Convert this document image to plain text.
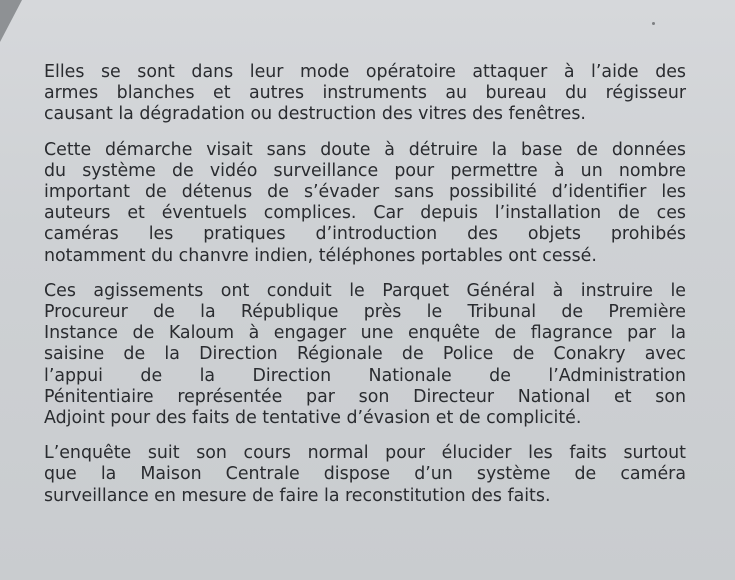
Elles se sont dans leur mode opératoire attaquer à l’aide des
armes blanches et autres instruments au bureau du régisseur
causant la dégradation ou destruction des vitres des fenêtres.
Cette démarche visait sans doute à détruire la base de données
du système de vidéo surveillance pour permettre à un nombre
important de détenus de s’évader sans possibilité d’identifier les
auteurs et éventuels complices. Car depuis l’installation de ces
caméras les pratiques d’introduction des objets prohibés
notamment du chanvre indien, téléphones portables ont cessé.
Ces agissements ont conduit le Parquet Général à instruire le
Procureur de la République près le Tribunal de Première
Instance de Kaloum à engager une enquête de flagrance par la
saisine de la Direction Régionale de Police de Conakry avec
l’appui de la Direction Nationale de l’Administration
Pénitentiaire représentée par son Directeur National et son
Adjoint pour des faits de tentative d’évasion et de complicité.
L’enquête suit son cours normal pour élucider les faits surtout
que la Maison Centrale dispose d’un système de caméra
surveillance en mesure de faire la reconstitution des faits.
